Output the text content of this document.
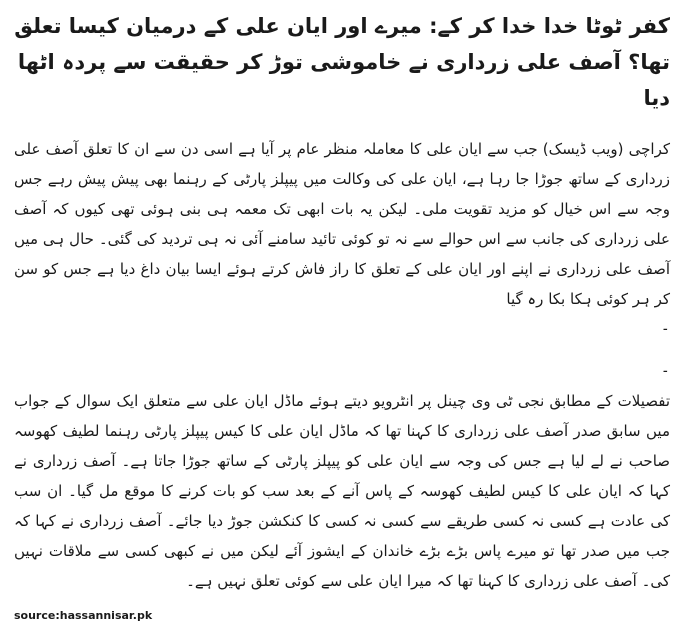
کفر ٹوٹا خدا خدا کر کے: میرے اور ایان علی کے درمیان کیسا تعلق تھا؟ آصف علی زرداری نے خاموشی توڑ کر حقیقت سے پردہ اٹھا دیا

کراچی (ویب ڈیسک) جب سے ایان علی کا معاملہ منظر عام پر آیا ہے اسی دن سے ان کا تعلق آصف علی زرداری کے ساتھ جوڑا جا رہا ہے، ایان علی کی وکالت میں پیپلز پارٹی کے رہنما بھی پیش پیش رہے جس وجہ سے اس خیال کو مزید تقویت ملی۔ لیکن یہ بات ابھی تک معمہ ہی بنی ہوئی تھی کیوں کہ آصف علی زرداری کی جانب سے اس حوالے سے نہ تو کوئی تائید سامنے آئی نہ ہی تردید کی گئی۔ حال ہی میں آصف علی زرداری نے اپنے اور ایان علی کے تعلق کا راز فاش کرتے ہوئے ایسا بیان داغ دیا ہے جس کو سن کر ہر کوئی ہکا بکا رہ گیا

۔

۔

تفصیلات کے مطابق نجی ٹی وی چینل پر انٹرویو دیتے ہوئے ماڈل ایان علی سے متعلق ایک سوال کے جواب میں سابق صدر آصف علی زرداری کا کہنا تھا کہ ماڈل ایان علی کا کیس پیپلز پارٹی رہنما لطیف کھوسہ صاحب نے لے لیا ہے جس کی وجہ سے ایان علی کو پیپلز پارٹی کے ساتھ جوڑا جاتا ہے۔ آصف زرداری نے کہا کہ ایان علی کا کیس لطیف کھوسہ کے پاس آنے کے بعد سب کو بات کرنے کا موقع مل گیا۔ ان سب کی عادت ہے کسی نہ کسی طریقے سے کسی نہ کسی کا کنکشن جوڑ دیا جائے۔ آصف زرداری نے کہا کہ جب میں صدر تھا تو میرے پاس بڑے بڑے خاندان کے ایشوز آئے لیکن میں نے کبھی کسی سے ملاقات نہیں کی۔ آصف علی زرداری کا کہنا تھا کہ میرا ایان علی سے کوئی تعلق نہیں ہے۔

source:hassannisar.pk
